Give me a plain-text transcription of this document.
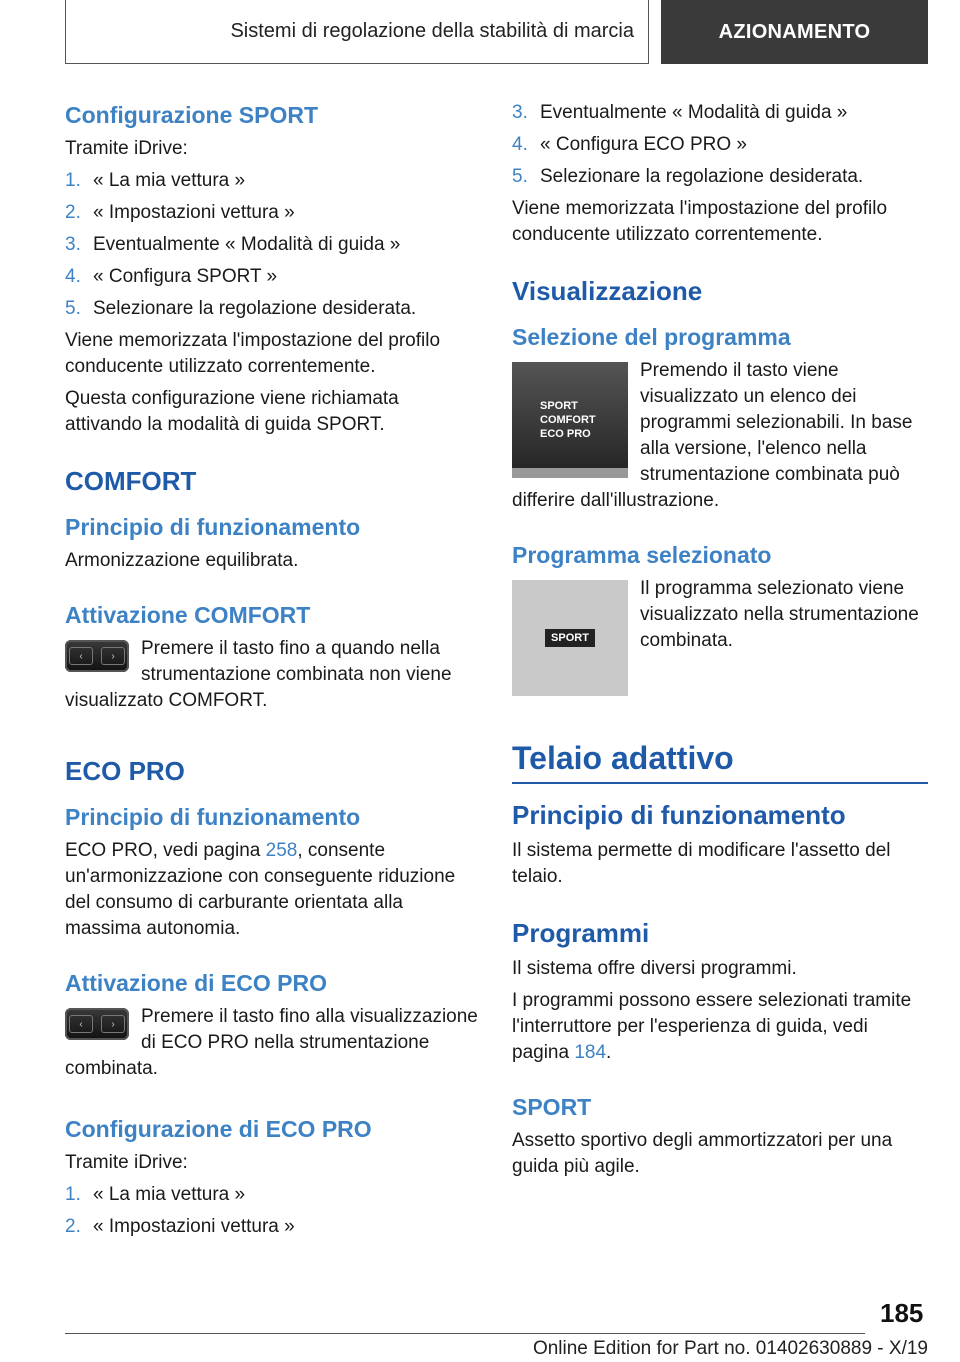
Sistemi di regolazione della stabilità di marcia	AZIONAMENTO
Configurazione SPORT
Tramite iDrive:
1. « La mia vettura »
2. « Impostazioni vettura »
3. Eventualmente « Modalità di guida »
4. « Configura SPORT »
5. Selezionare la regolazione desiderata.
Viene memorizzata l'impostazione del profilo conducente utilizzato correntemente.
Questa configurazione viene richiamata attivando la modalità di guida SPORT.
COMFORT
Principio di funzionamento
Armonizzazione equilibrata.
Attivazione COMFORT
‹	›	Premere il tasto fino a quando nella strumentazione combinata non viene visualizzato COMFORT.
ECO PRO
Principio di funzionamento
ECO PRO, vedi pagina 258, consente un'armonizzazione con conseguente riduzione del consumo di carburante orientata alla massima autonomia.
Attivazione di ECO PRO
‹	›	Premere il tasto fino alla visualizzazione di ECO PRO nella strumentazione combinata.
Configurazione di ECO PRO
Tramite iDrive:
1. « La mia vettura »
2. « Impostazioni vettura »
3. Eventualmente « Modalità di guida »
4. « Configura ECO PRO »
5. Selezionare la regolazione desiderata.
Viene memorizzata l'impostazione del profilo conducente utilizzato correntemente.
Visualizzazione
Selezione del programma
SPORT
COMFORT
ECO PRO
Premendo il tasto viene visualizzato un elenco dei programmi selezionabili. In base alla versione, l'elenco nella strumentazione combinata può differire dall'illustrazione.
Programma selezionato
SPORT
Il programma selezionato viene visualizzato nella strumentazione combinata.
Telaio adattivo
Principio di funzionamento
Il sistema permette di modificare l'assetto del telaio.
Programmi
Il sistema offre diversi programmi.
I programmi possono essere selezionati tramite l'interruttore per l'esperienza di guida, vedi pagina 184.
SPORT
Assetto sportivo degli ammortizzatori per una guida più agile.
185
Online Edition for Part no. 01402630889 - X/19
